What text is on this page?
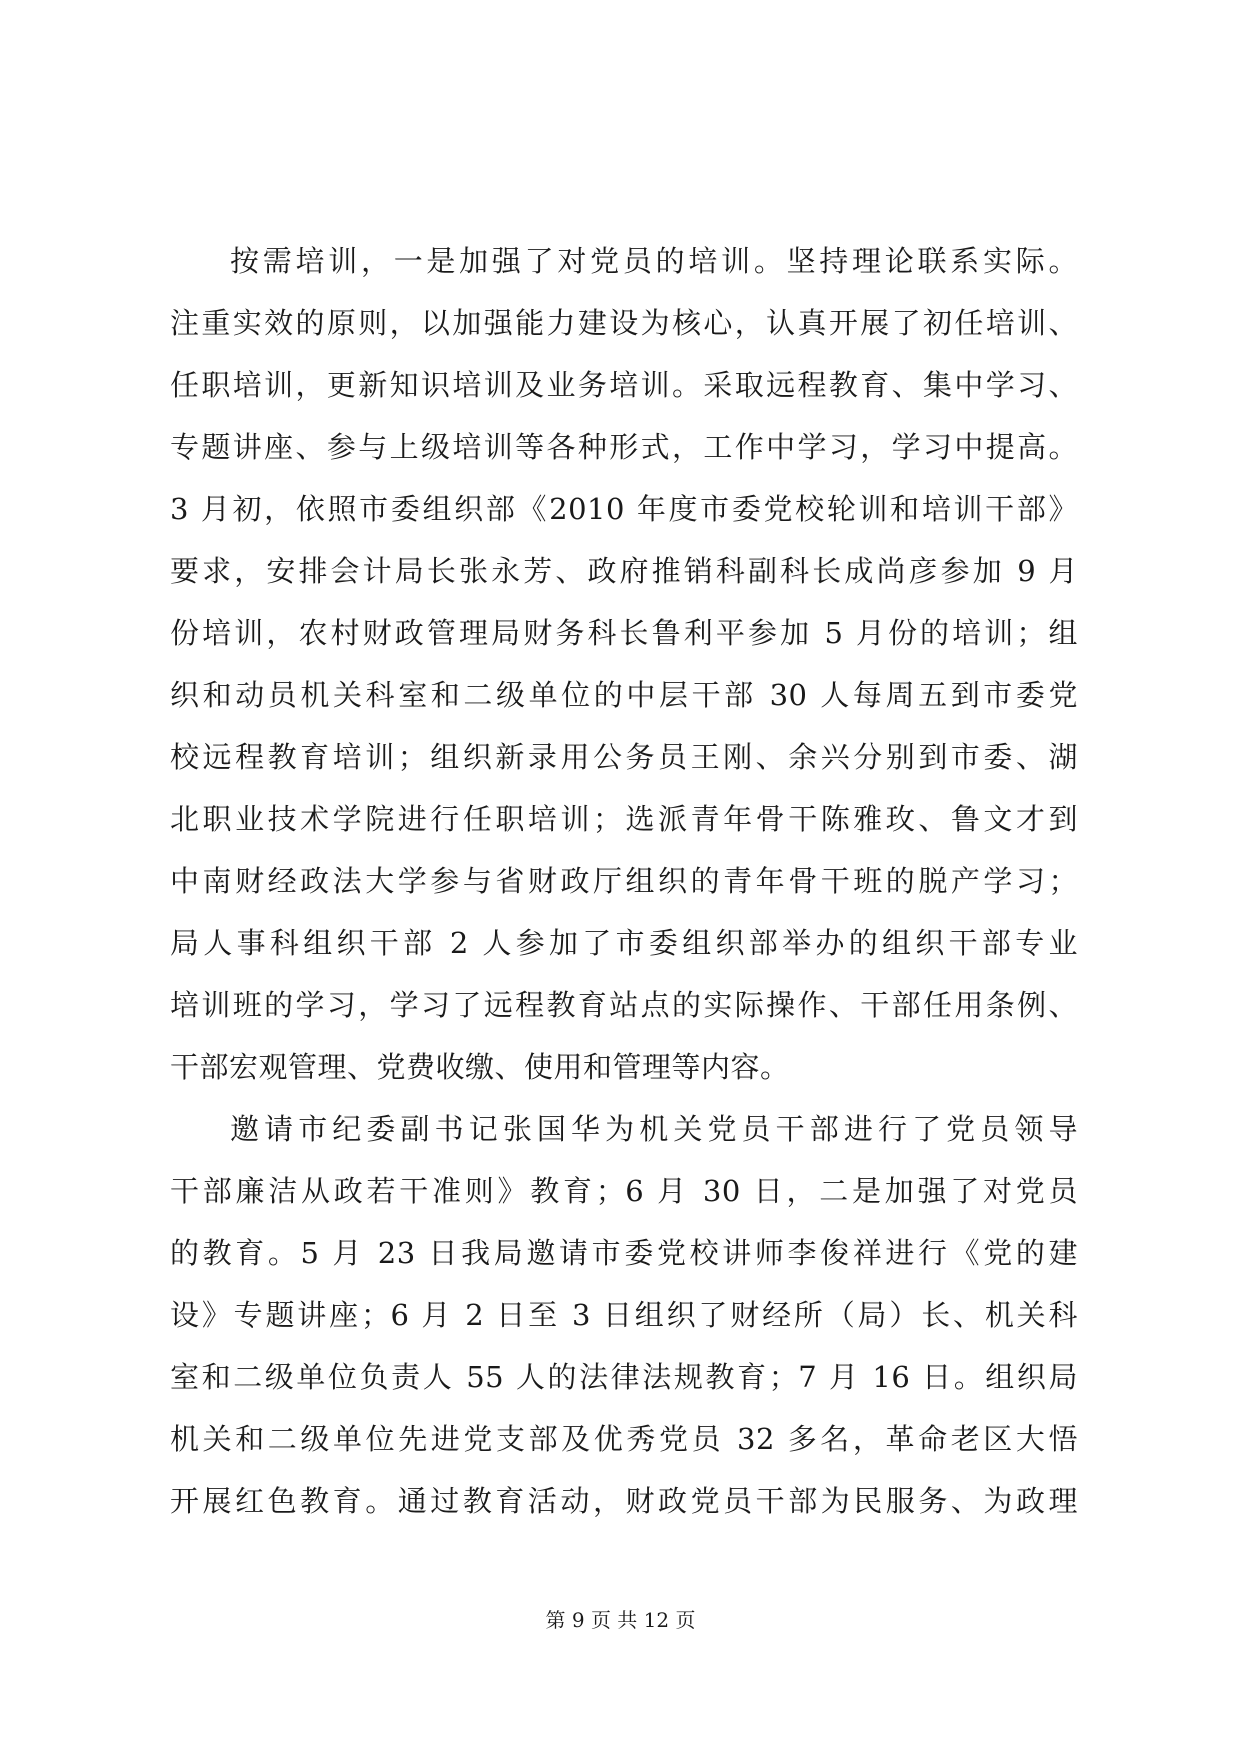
按需培训，一是加强了对党员的培训。坚持理论联系实际。
注重实效的原则，以加强能力建设为核心，认真开展了初任培训、
任职培训，更新知识培训及业务培训。采取远程教育、集中学习、
专题讲座、参与上级培训等各种形式，工作中学习，学习中提高。
3 月初，依照市委组织部《2010 年度市委党校轮训和培训干部》
要求，安排会计局长张永芳、政府推销科副科长成尚彦参加 9 月
份培训，农村财政管理局财务科长鲁利平参加 5 月份的培训；组
织和动员机关科室和二级单位的中层干部 30 人每周五到市委党
校远程教育培训；组织新录用公务员王刚、余兴分别到市委、湖
北职业技术学院进行任职培训；选派青年骨干陈雅玫、鲁文才到
中南财经政法大学参与省财政厅组织的青年骨干班的脱产学习；
局人事科组织干部 2 人参加了市委组织部举办的组织干部专业
培训班的学习，学习了远程教育站点的实际操作、干部任用条例、
干部宏观管理、党费收缴、使用和管理等内容。
邀请市纪委副书记张国华为机关党员干部进行了党员领导
干部廉洁从政若干准则》教育；6 月 30 日，二是加强了对党员
的教育。5 月 23 日我局邀请市委党校讲师李俊祥进行《党的建
设》专题讲座；6 月 2 日至 3 日组织了财经所（局）长、机关科
室和二级单位负责人 55 人的法律法规教育；7 月 16 日。组织局
机关和二级单位先进党支部及优秀党员 32 多名，革命老区大悟
开展红色教育。通过教育活动，财政党员干部为民服务、为政理
第 9 页 共 12 页
